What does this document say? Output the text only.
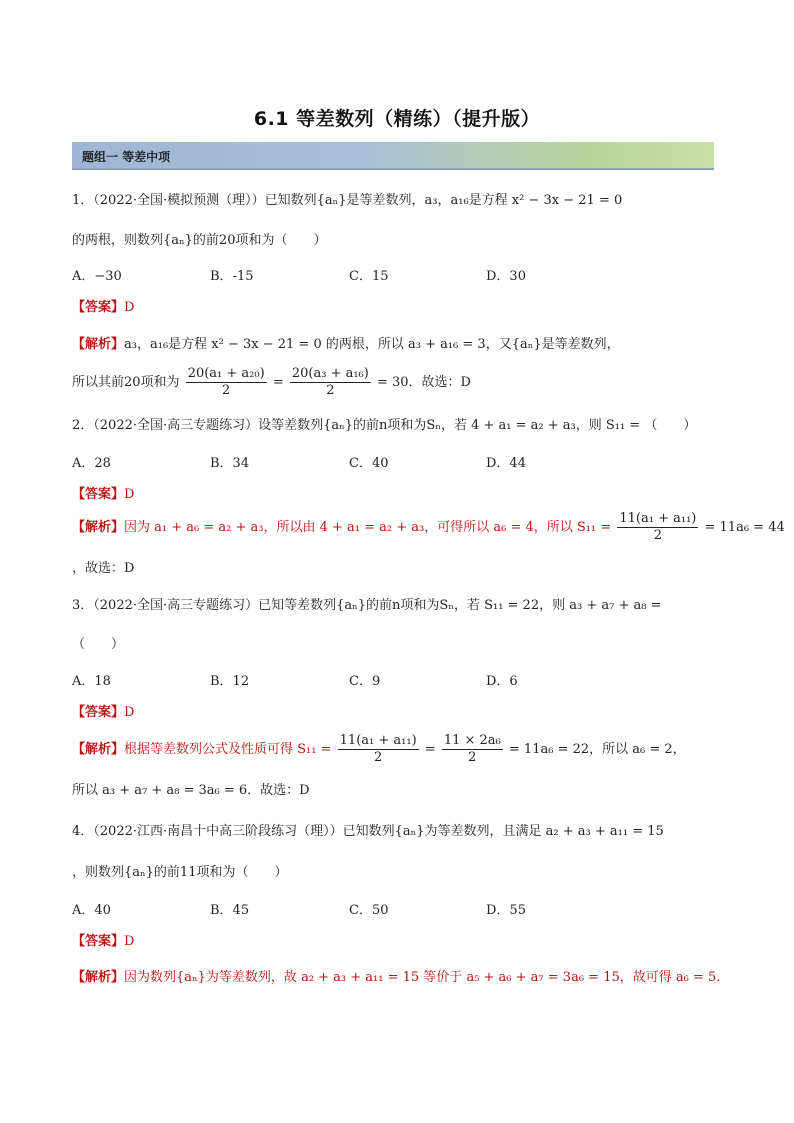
6.1 等差数列（精练）（提升版）
题组一 等差中项
1．（2022·全国·模拟预测（理））已知数列{aₙ}是等差数列，a₃，a₁₆是方程 x² − 3x − 21 = 0
的两根，则数列{aₙ}的前20项和为（　　）
A．−30	B．-15	C．15	D．30
【答案】D
【解析】a₃，a₁₆是方程 x² − 3x − 21 = 0 的两根，所以 a₃ + a₁₆ = 3，又{aₙ}是等差数列，
所以其前20项和为 $\frac{\text{20(a₁ + a₂₀)}}{2} = \frac{\text{20(a₃ + a₁₆)}}{2} = 30$．故选：D
2．（2022·全国·高三专题练习）设等差数列{aₙ}的前n项和为Sₙ，若 4 + a₁ = a₂ + a₃，则 S₁₁ = （　　）
A．28	B．34	C．40	D．44
【答案】D
【解析】因为 a₁ + a₆ = a₂ + a₃，所以由 4 + a₁ = a₂ + a₃，可得所以 a₆ = 4，所以 $S_{11} = \frac{\text{11(a₁ + a₁₁)}}{2} = 11a_6 = 44$
，故选：D
3．（2022·全国·高三专题练习）已知等差数列{aₙ}的前n项和为Sₙ，若 S₁₁ = 22，则 a₃ + a₇ + a₈ =
（　　）
A．18	B．12	C．9	D．6
【答案】D
【解析】根据等差数列公式及性质可得 $S_{11} = \frac{\text{11(a₁ + a₁₁)}}{2} = \frac{\text{11 × 2a₆}}{2} = 11a_6 = 22$，所以 a₆ = 2，
所以 a₃ + a₇ + a₈ = 3a₆ = 6．故选：D
4．（2022·江西·南昌十中高三阶段练习（理））已知数列{aₙ}为等差数列，且满足 a₂ + a₃ + a₁₁ = 15
，则数列{aₙ}的前11项和为（　　）
A．40	B．45	C．50	D．55
【答案】D
【解析】因为数列{aₙ}为等差数列，故 a₂ + a₃ + a₁₁ = 15 等价于 a₅ + a₆ + a₇ = 3a₆ = 15，故可得 a₆ = 5.
